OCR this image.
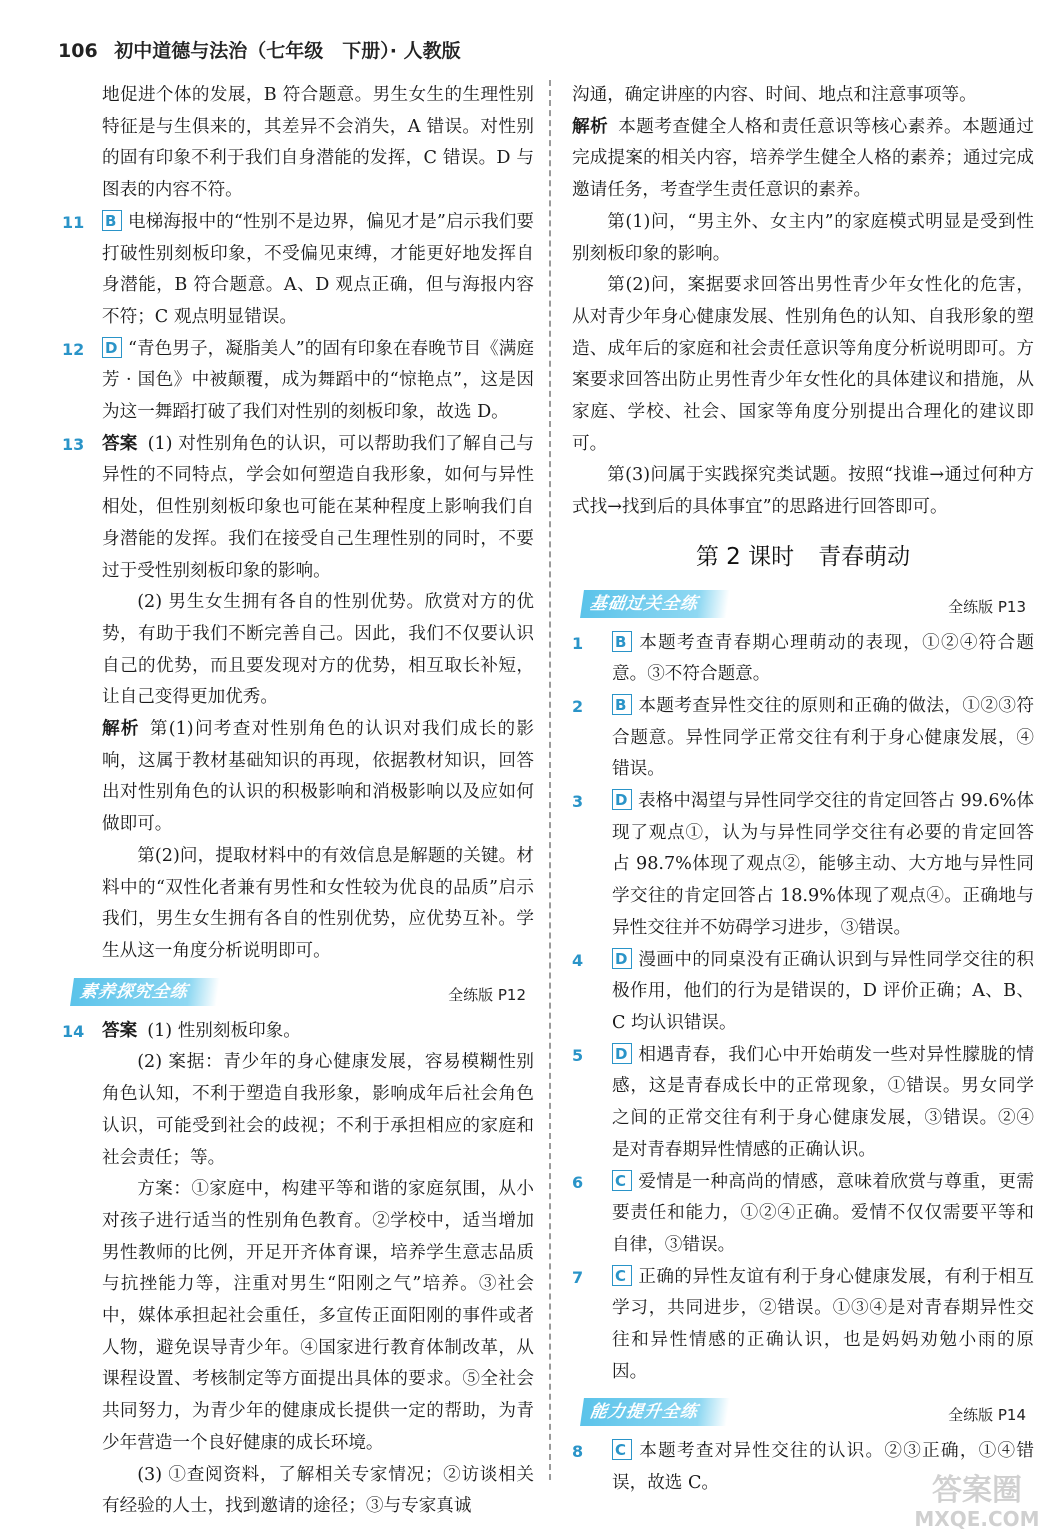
106 初中道德与法治（七年级　下册）· 人教版

地促进个体的发展，B 符合题意。男生女生的生理性别特征是与生俱来的，其差异不会消失，A 错误。对性别的固有印象不利于我们自身潜能的发挥，C 错误。D 与图表的内容不符。

11 B 电梯海报中的“性别不是边界，偏见才是”启示我们要打破性别刻板印象，不受偏见束缚，才能更好地发挥自身潜能，B 符合题意。A、D 观点正确，但与海报内容不符；C 观点明显错误。

12 D “青色男子，凝脂美人”的固有印象在春晚节目《满庭芳 · 国色》中被颠覆，成为舞蹈中的“惊艳点”，这是因为这一舞蹈打破了我们对性别的刻板印象，故选 D。

13 答案 (1) 对性别角色的认识，可以帮助我们了解自己与异性的不同特点，学会如何塑造自我形象，如何与异性相处，但性别刻板印象也可能在某种程度上影响我们自身潜能的发挥。我们在接受自己生理性别的同时，不要过于受性别刻板印象的影响。

(2) 男生女生拥有各自的性别优势。欣赏对方的优势，有助于我们不断完善自己。因此，我们不仅要认识自己的优势，而且要发现对方的优势，相互取长补短，让自己变得更加优秀。

解析 第(1)问考查对性别角色的认识对我们成长的影响，这属于教材基础知识的再现，依据教材知识，回答出对性别角色的认识的积极影响和消极影响以及应如何做即可。

第(2)问，提取材料中的有效信息是解题的关键。材料中的“双性化者兼有男性和女性较为优良的品质”启示我们，男生女生拥有各自的性别优势，应优势互补。学生从这一角度分析说明即可。

素养探究全练	全练版 P12

14 答案 (1) 性别刻板印象。

(2) 案据：青少年的身心健康发展，容易模糊性别角色认知，不利于塑造自我形象，影响成年后社会角色认识，可能受到社会的歧视；不利于承担相应的家庭和社会责任；等。

方案：①家庭中，构建平等和谐的家庭氛围，从小对孩子进行适当的性别角色教育。②学校中，适当增加男性教师的比例，开足开齐体育课，培养学生意志品质与抗挫能力等，注重对男生“阳刚之气”培养。③社会中，媒体承担起社会重任，多宣传正面阳刚的事件或者人物，避免误导青少年。④国家进行教育体制改革，从课程设置、考核制定等方面提出具体的要求。⑤全社会共同努力，为青少年的健康成长提供一定的帮助，为青少年营造一个良好健康的成长环境。

(3) ①查阅资料，了解相关专家情况；②访谈相关有经验的人士，找到邀请的途径；③与专家真诚

沟通，确定讲座的内容、时间、地点和注意事项等。

解析 本题考查健全人格和责任意识等核心素养。本题通过完成提案的相关内容，培养学生健全人格的素养；通过完成邀请任务，考查学生责任意识的素养。

第(1)问，“男主外、女主内”的家庭模式明显是受到性别刻板印象的影响。

第(2)问，案据要求回答出男性青少年女性化的危害，从对青少年身心健康发展、性别角色的认知、自我形象的塑造、成年后的家庭和社会责任意识等角度分析说明即可。方案要求回答出防止男性青少年女性化的具体建议和措施，从家庭、学校、社会、国家等角度分别提出合理化的建议即可。

第(3)问属于实践探究类试题。按照“找谁→通过何种方式找→找到后的具体事宜”的思路进行回答即可。

第 2 课时 青春萌动
基础过关全练	全练版 P13

1	B 本题考查青春期心理萌动的表现，①②④符合题意。③不符合题意。

2	B 本题考查异性交往的原则和正确的做法，①②③符合题意。异性同学正常交往有利于身心健康发展，④错误。

3	D 表格中渴望与异性同学交往的肯定回答占 99.6%体现了观点①，认为与异性同学交往有必要的肯定回答占 98.7%体现了观点②，能够主动、大方地与异性同学交往的肯定回答占 18.9%体现了观点④。正确地与异性交往并不妨碍学习进步，③错误。

4	D 漫画中的同桌没有正确认识到与异性同学交往的积极作用，他们的行为是错误的，D 评价正确；A、B、C 均认识错误。

5	D 相遇青春，我们心中开始萌发一些对异性朦胧的情感，这是青春成长中的正常现象，①错误。男女同学之间的正常交往有利于身心健康发展，③错误。②④是对青春期异性情感的正确认识。

6	C 爱情是一种高尚的情感，意味着欣赏与尊重，更需要责任和能力，①②④正确。爱情不仅仅需要平等和自律，③错误。

7	C 正确的异性友谊有利于身心健康发展，有利于相互学习，共同进步，②错误。①③④是对青春期异性交往和异性情感的正确认识，也是妈妈劝勉小雨的原因。

能力提升全练	全练版 P14

8	C 本题考查对异性交往的认识。②③正确，①④错误，故选 C。	答案圈
MXQE.COM
